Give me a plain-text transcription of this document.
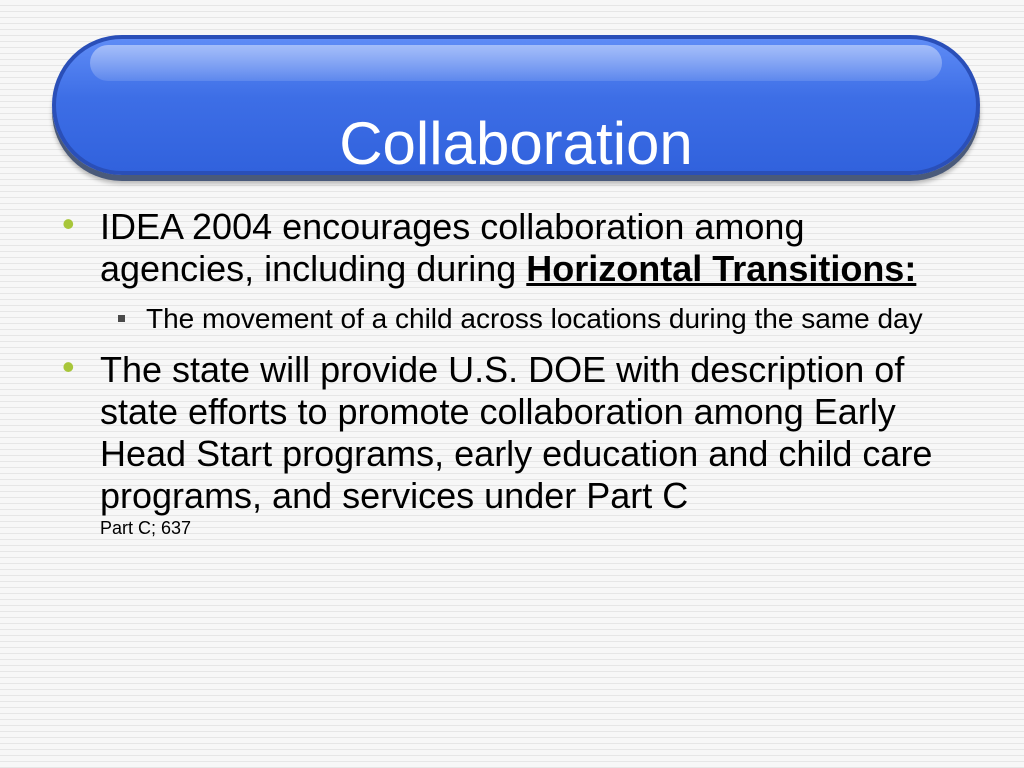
Collaboration
• IDEA 2004 encourages collaboration among agencies, including during Horizontal Transitions:
The movement of a child across locations during the same day
• The state will provide U.S. DOE with description of state efforts to promote collaboration among Early Head Start programs, early education and child care programs, and services under Part C
Part C; 637
